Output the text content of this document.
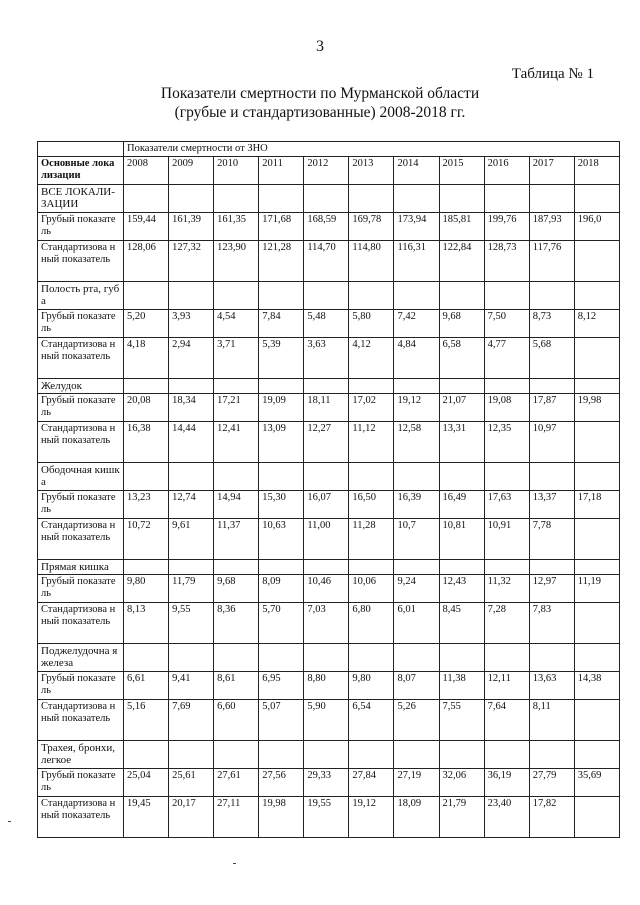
3
Таблица № 1
Показатели смертности по Мурманской области
(грубые и стандартизованные) 2008-2018 гг.
	Показатели смертности от ЗНО										
Основные локализации	2008	2009	2010	2011	2012	2013	2014	2015	2016	2017	2018
ВСЕ ЛОКАЛИ-ЗАЦИИ											
Грубый показатель	159,44	161,39	161,35	171,68	168,59	169,78	173,94	185,81	199,76	187,93	196,0
Стандартизова нный показатель	128,06	127,32	123,90	121,28	114,70	114,80	116,31	122,84	128,73	117,76	
Полость рта, губа											
Грубый показатель	5,20	3,93	4,54	7,84	5,48	5,80	7,42	9,68	7,50	8,73	8,12
Стандартизова нный показатель	4,18	2,94	3,71	5,39	3,63	4,12	4,84	6,58	4,77	5,68	
Желудок											
Грубый показатель	20,08	18,34	17,21	19,09	18,11	17,02	19,12	21,07	19,08	17,87	19,98
Стандартизова нный показатель	16,38	14,44	12,41	13,09	12,27	11,12	12,58	13,31	12,35	10,97	
Ободочная кишка											
Грубый показатель	13,23	12,74	14,94	15,30	16,07	16,50	16,39	16,49	17,63	13,37	17,18
Стандартизова нный показатель	10,72	9,61	11,37	10,63	11,00	11,28	10,7	10,81	10,91	7,78	
Прямая кишка											
Грубый показатель	9,80	11,79	9,68	8,09	10,46	10,06	9,24	12,43	11,32	12,97	11,19
Стандартизова нный показатель	8,13	9,55	8,36	5,70	7,03	6,80	6,01	8,45	7,28	7,83	
Поджелудочна я железа											
Грубый показатель	6,61	9,41	8,61	6,95	8,80	9,80	8,07	11,38	12,11	13,63	14,38
Стандартизова нный показатель	5,16	7,69	6,60	5,07	5,90	6,54	5,26	7,55	7,64	8,11	
Трахея, бронхи, легкое											
Грубый показатель	25,04	25,61	27,61	27,56	29,33	27,84	27,19	32,06	36,19	27,79	35,69
Стандартизова нный показатель	19,45	20,17	27,11	19,98	19,55	19,12	18,09	21,79	23,40	17,82	
